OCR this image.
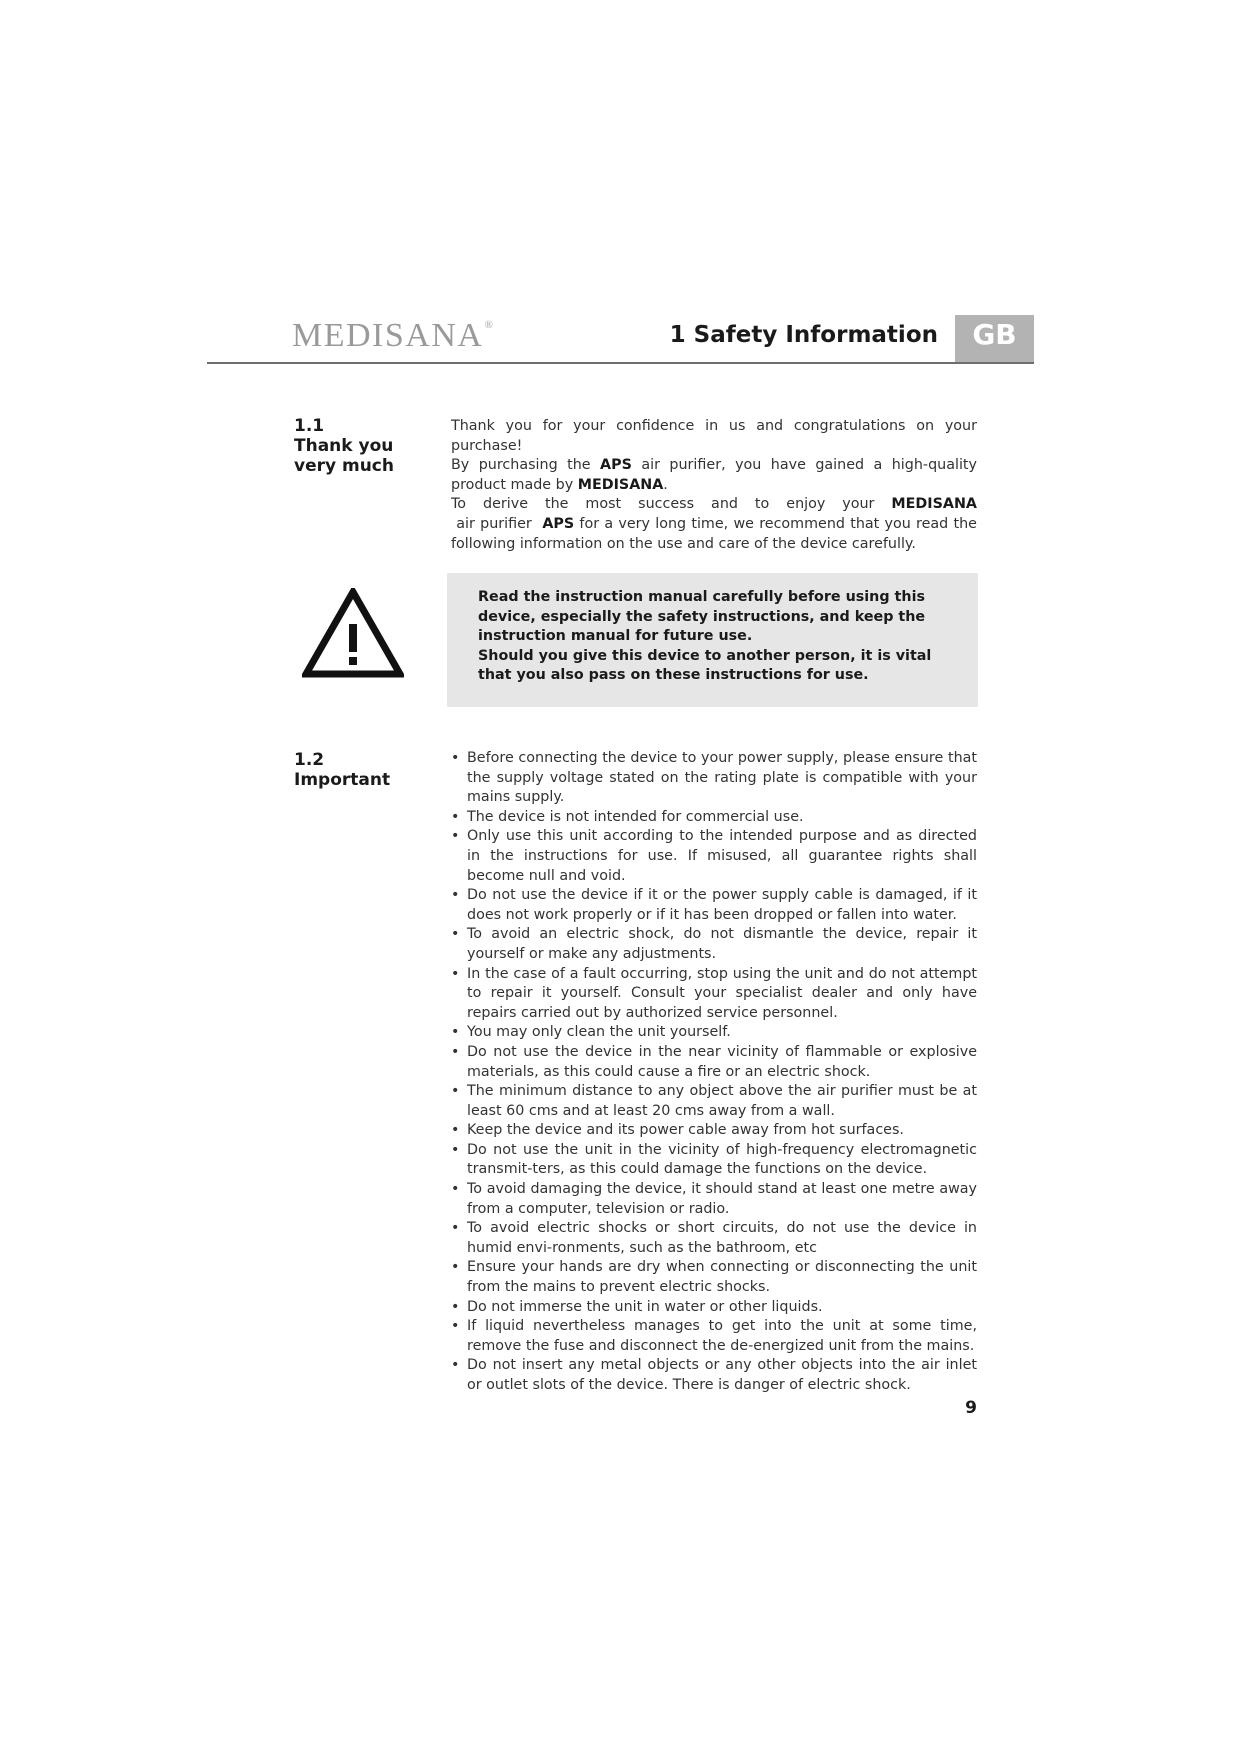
MEDISANA®	1 Safety Information	GB
1.1
Thank you
very much

Thank you for your confidence in us and congratulations on your purchase!

By purchasing the APS air purifier, you have gained a high-quality product made by MEDISANA.

To derive the most success and to enjoy your MEDISANA air purifier  APS for a very long time, we recommend that you read the following information on the use and care of the device carefully.

Read the instruction manual carefully before using this device, especially the safety instructions, and keep the instruction manual for future use.

Should you give this device to another person, it is vital that you also pass on these instructions for use.

1.2
Important
• Before connecting the device to your power supply, please ensure that the supply voltage stated on the rating plate is compatible with your mains supply.
• The device is not intended for commercial use.
• Only use this unit according to the intended purpose and as directed in the instructions for use. If misused, all guarantee rights shall become null and void.
• Do not use the device if it or the power supply cable is damaged, if it does not work properly or if it has been dropped or fallen into water.
• To avoid an electric shock, do not dismantle the device, repair it yourself or make any adjustments.
• In the case of a fault occurring, stop using the unit and do not attempt to repair it yourself. Consult your specialist dealer and only have repairs carried out by authorized service personnel.
• You may only clean the unit yourself.
• Do not use the device in the near vicinity of flammable or explosive materials, as this could cause a fire or an electric shock.
• The minimum distance to any object above the air purifier must be at least 60 cms and at least 20 cms away from a wall.
• Keep the device and its power cable away from hot surfaces.
• Do not use the unit in the vicinity of high-frequency electromagnetic transmit-ters, as this could damage the functions on the device.
• To avoid damaging the device, it should stand at least one metre away from a computer, television or radio.
• To avoid electric shocks or short circuits, do not use the device in humid envi-ronments, such as the bathroom, etc
• Ensure your hands are dry when connecting or disconnecting the unit from the mains to prevent electric shocks.
• Do not immerse the unit in water or other liquids.
• If liquid nevertheless manages to get into the unit at some time, remove the fuse and disconnect the de-energized unit from the mains.
• Do not insert any metal objects or any other objects into the air inlet or outlet slots of the device. There is danger of electric shock.
9
